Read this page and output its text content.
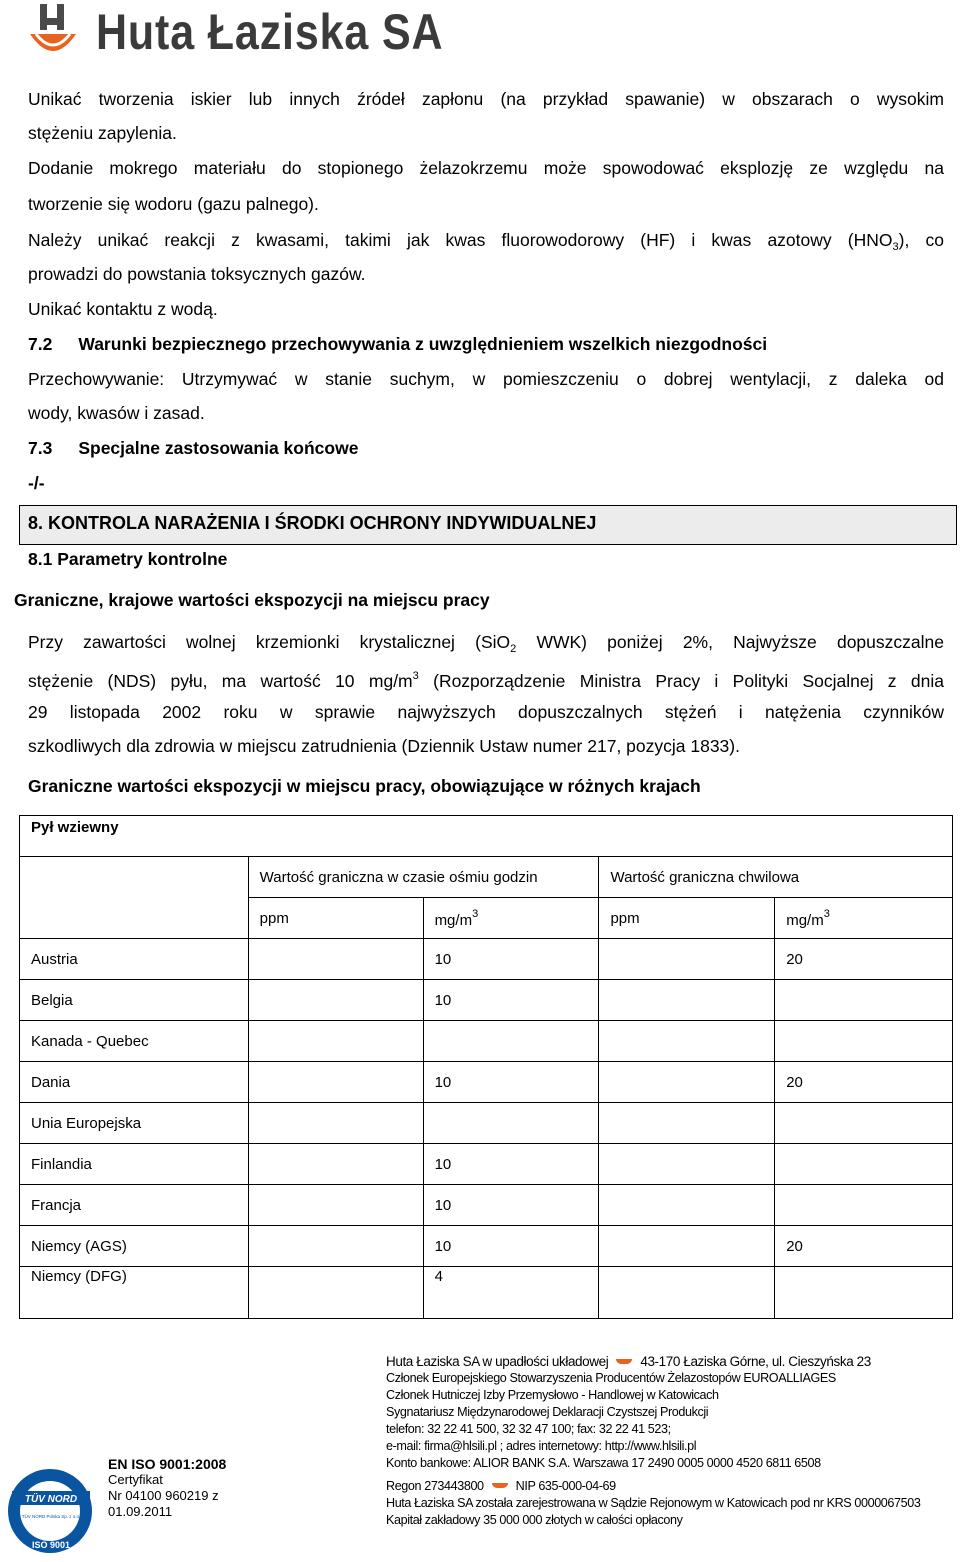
Huta Łaziska SA
Unikać tworzenia iskier lub innych źródeł zapłonu (na przykład spawanie) w obszarach o wysokim
stężeniu zapylenia.
Dodanie mokrego materiału do stopionego żelazokrzemu może spowodować eksplozję ze względu na
tworzenie się wodoru (gazu palnego).
Należy unikać reakcji z kwasami, takimi jak kwas fluorowodorowy (HF) i kwas azotowy $(HNO_3)$, co
prowadzi do powstania toksycznych gazów.
Unikać kontaktu z wodą.
7.2 Warunki bezpiecznego przechowywania z uwzględnieniem wszelkich niezgodności
Przechowywanie: Utrzymywać w stanie suchym, w pomieszczeniu o dobrej wentylacji, z daleka od
wody, kwasów i zasad.
7.3 Specjalne zastosowania końcowe
-/-
8. KONTROLA NARAŻENIA I ŚRODKI OCHRONY INDYWIDUALNEJ
8.1 Parametry kontrolne
Graniczne, krajowe wartości ekspozycji na miejscu pracy
Przy zawartości wolnej krzemionki krystalicznej (SiO$_2$ WWK) poniżej 2%, Najwyższe dopuszczalne
stężenie (NDS) pyłu, ma wartość 10 $mg/m^3$ (Rozporządzenie Ministra Pracy i Polityki Socjalnej z dnia
29 listopada 2002 roku w sprawie najwyższych dopuszczalnych stężeń i natężenia czynników
szkodliwych dla zdrowia w miejscu zatrudnienia (Dziennik Ustaw numer 217, pozycja 1833).
Graniczne wartości ekspozycji w miejscu pracy, obowiązujące w różnych krajach
Pył wziewny				
	Wartość graniczna w czasie ośmiu godzin		Wartość graniczna chwilowa	
	ppm	$mg/m^3$	ppm	$mg/m^3$
Austria		10		20
Belgia		10		
Kanada - Quebec				
Dania		10		20
Unia Europejska				
Finlandia		10		
Francja		10		
Niemcy (AGS)		10		20
Niemcy (DFG)		4		
Huta Łaziska SA w upadłości układowej 43-170 Łaziska Górne, ul. Cieszyńska 23
Członek Europejskiego Stowarzyszenia Producentów Żelazostopów EUROALLIAGES
Członek Hutniczej Izby Przemysłowo - Handlowej w Katowicach
Sygnatariusz Międzynarodowej Deklaracji Czystszej Produkcji
telefon: 32 22 41 500, 32 32 47 100; fax: 32 22 41 523;
e-mail: firma@hlsili.pl ; adres internetowy: http://www.hlsili.pl
Konto bankowe: ALIOR BANK S.A. Warszawa 17 2490 0005 0000 4520 6811 6508
Regon 273443800	NIP 635-000-04-69
Huta Łaziska SA została zarejestrowana w Sądzie Rejonowym w Katowicach pod nr KRS 0000067503
Kapitał zakładowy 35 000 000 złotych w całości opłacony
TÜV NORD
TÜV NORD Polska Sp. z o.o.
ISO 9001
EN ISO 9001:2008
Certyfikat
Nr 04100 960219 z
01.09.2011
